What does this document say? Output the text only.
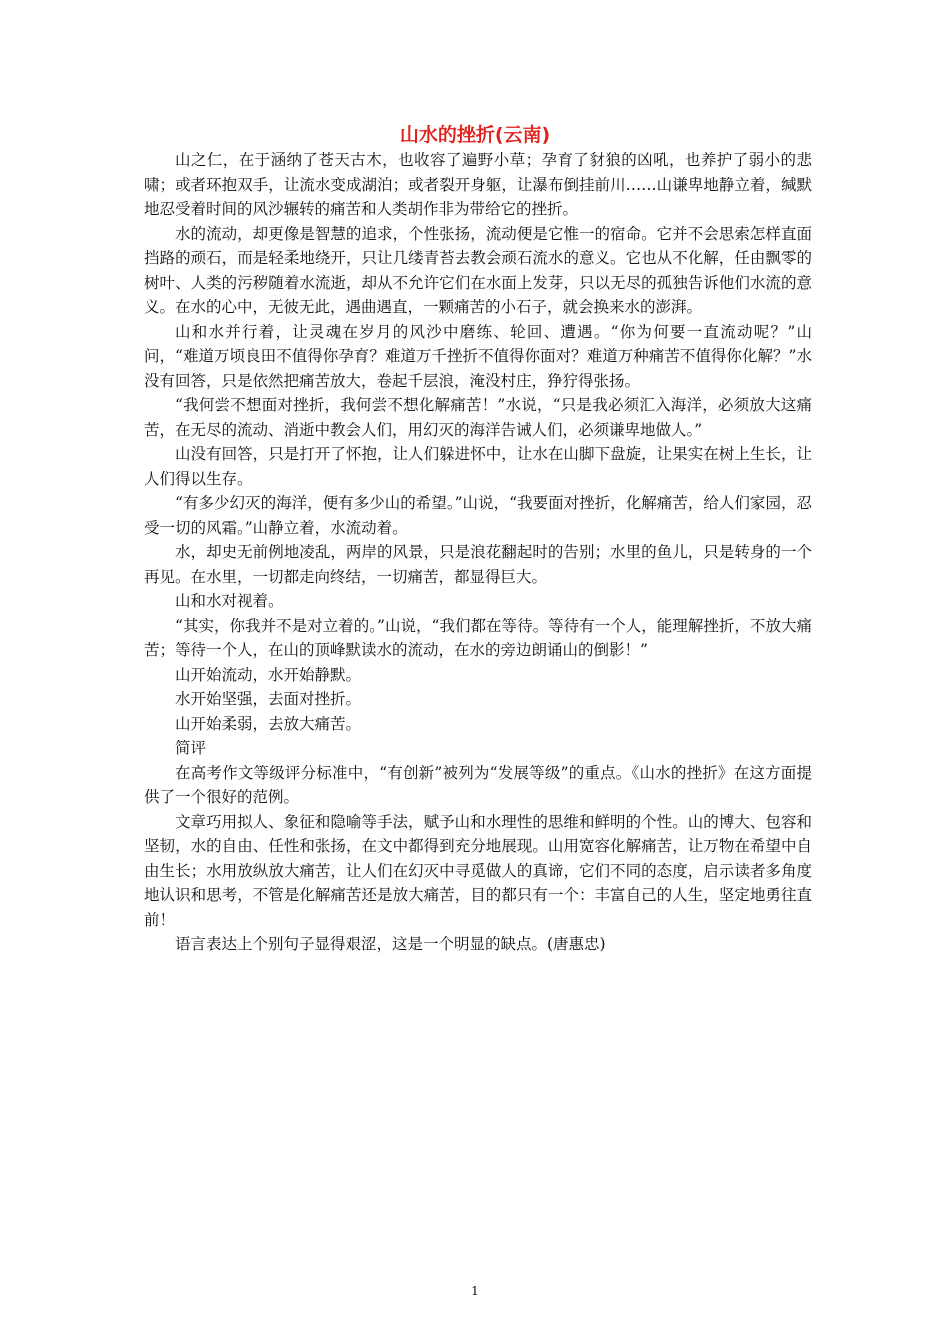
山水的挫折(云南)

山之仁，在于涵纳了苍天古木，也收容了遍野小草；孕育了豺狼的凶吼，也养护了弱小的悲啸；或者环抱双手，让流水变成湖泊；或者裂开身躯，让瀑布倒挂前川……山谦卑地静立着，缄默地忍受着时间的风沙辗转的痛苦和人类胡作非为带给它的挫折。

水的流动，却更像是智慧的追求，个性张扬，流动便是它惟一的宿命。它并不会思索怎样直面挡路的顽石，而是轻柔地绕开，只让几缕青苔去教会顽石流水的意义。它也从不化解，任由飘零的树叶、人类的污秽随着水流逝，却从不允许它们在水面上发芽，只以无尽的孤独告诉他们水流的意义。在水的心中，无彼无此，遇曲遇直，一颗痛苦的小石子，就会换来水的澎湃。

山和水并行着，让灵魂在岁月的风沙中磨练、轮回、遭遇。“你为何要一直流动呢？”山问，“难道万顷良田不值得你孕育？难道万千挫折不值得你面对？难道万种痛苦不值得你化解？”水没有回答，只是依然把痛苦放大，卷起千层浪，淹没村庄，狰狞得张扬。

“我何尝不想面对挫折，我何尝不想化解痛苦！”水说，“只是我必须汇入海洋，必须放大这痛苦，在无尽的流动、消逝中教会人们，用幻灭的海洋告诫人们，必须谦卑地做人。”

山没有回答，只是打开了怀抱，让人们躲进怀中，让水在山脚下盘旋，让果实在树上生长，让人们得以生存。

“有多少幻灭的海洋，便有多少山的希望。”山说，“我要面对挫折，化解痛苦，给人们家园，忍受一切的风霜。”山静立着，水流动着。

水，却史无前例地凌乱，两岸的风景，只是浪花翻起时的告别；水里的鱼儿，只是转身的一个再见。在水里，一切都走向终结，一切痛苦，都显得巨大。

山和水对视着。

“其实，你我并不是对立着的。”山说，“我们都在等待。等待有一个人，能理解挫折，不放大痛苦；等待一个人，在山的顶峰默读水的流动，在水的旁边朗诵山的倒影！”

山开始流动，水开始静默。

水开始坚强，去面对挫折。

山开始柔弱，去放大痛苦。

简评

在高考作文等级评分标准中，“有创新”被列为“发展等级”的重点。《山水的挫折》在这方面提供了一个很好的范例。

文章巧用拟人、象征和隐喻等手法，赋予山和水理性的思维和鲜明的个性。山的博大、包容和坚韧，水的自由、任性和张扬，在文中都得到充分地展现。山用宽容化解痛苦，让万物在希望中自由生长；水用放纵放大痛苦，让人们在幻灭中寻觅做人的真谛，它们不同的态度，启示读者多角度地认识和思考，不管是化解痛苦还是放大痛苦，目的都只有一个：丰富自己的人生，坚定地勇往直前！

语言表达上个别句子显得艰涩，这是一个明显的缺点。(唐惠忠)

1
